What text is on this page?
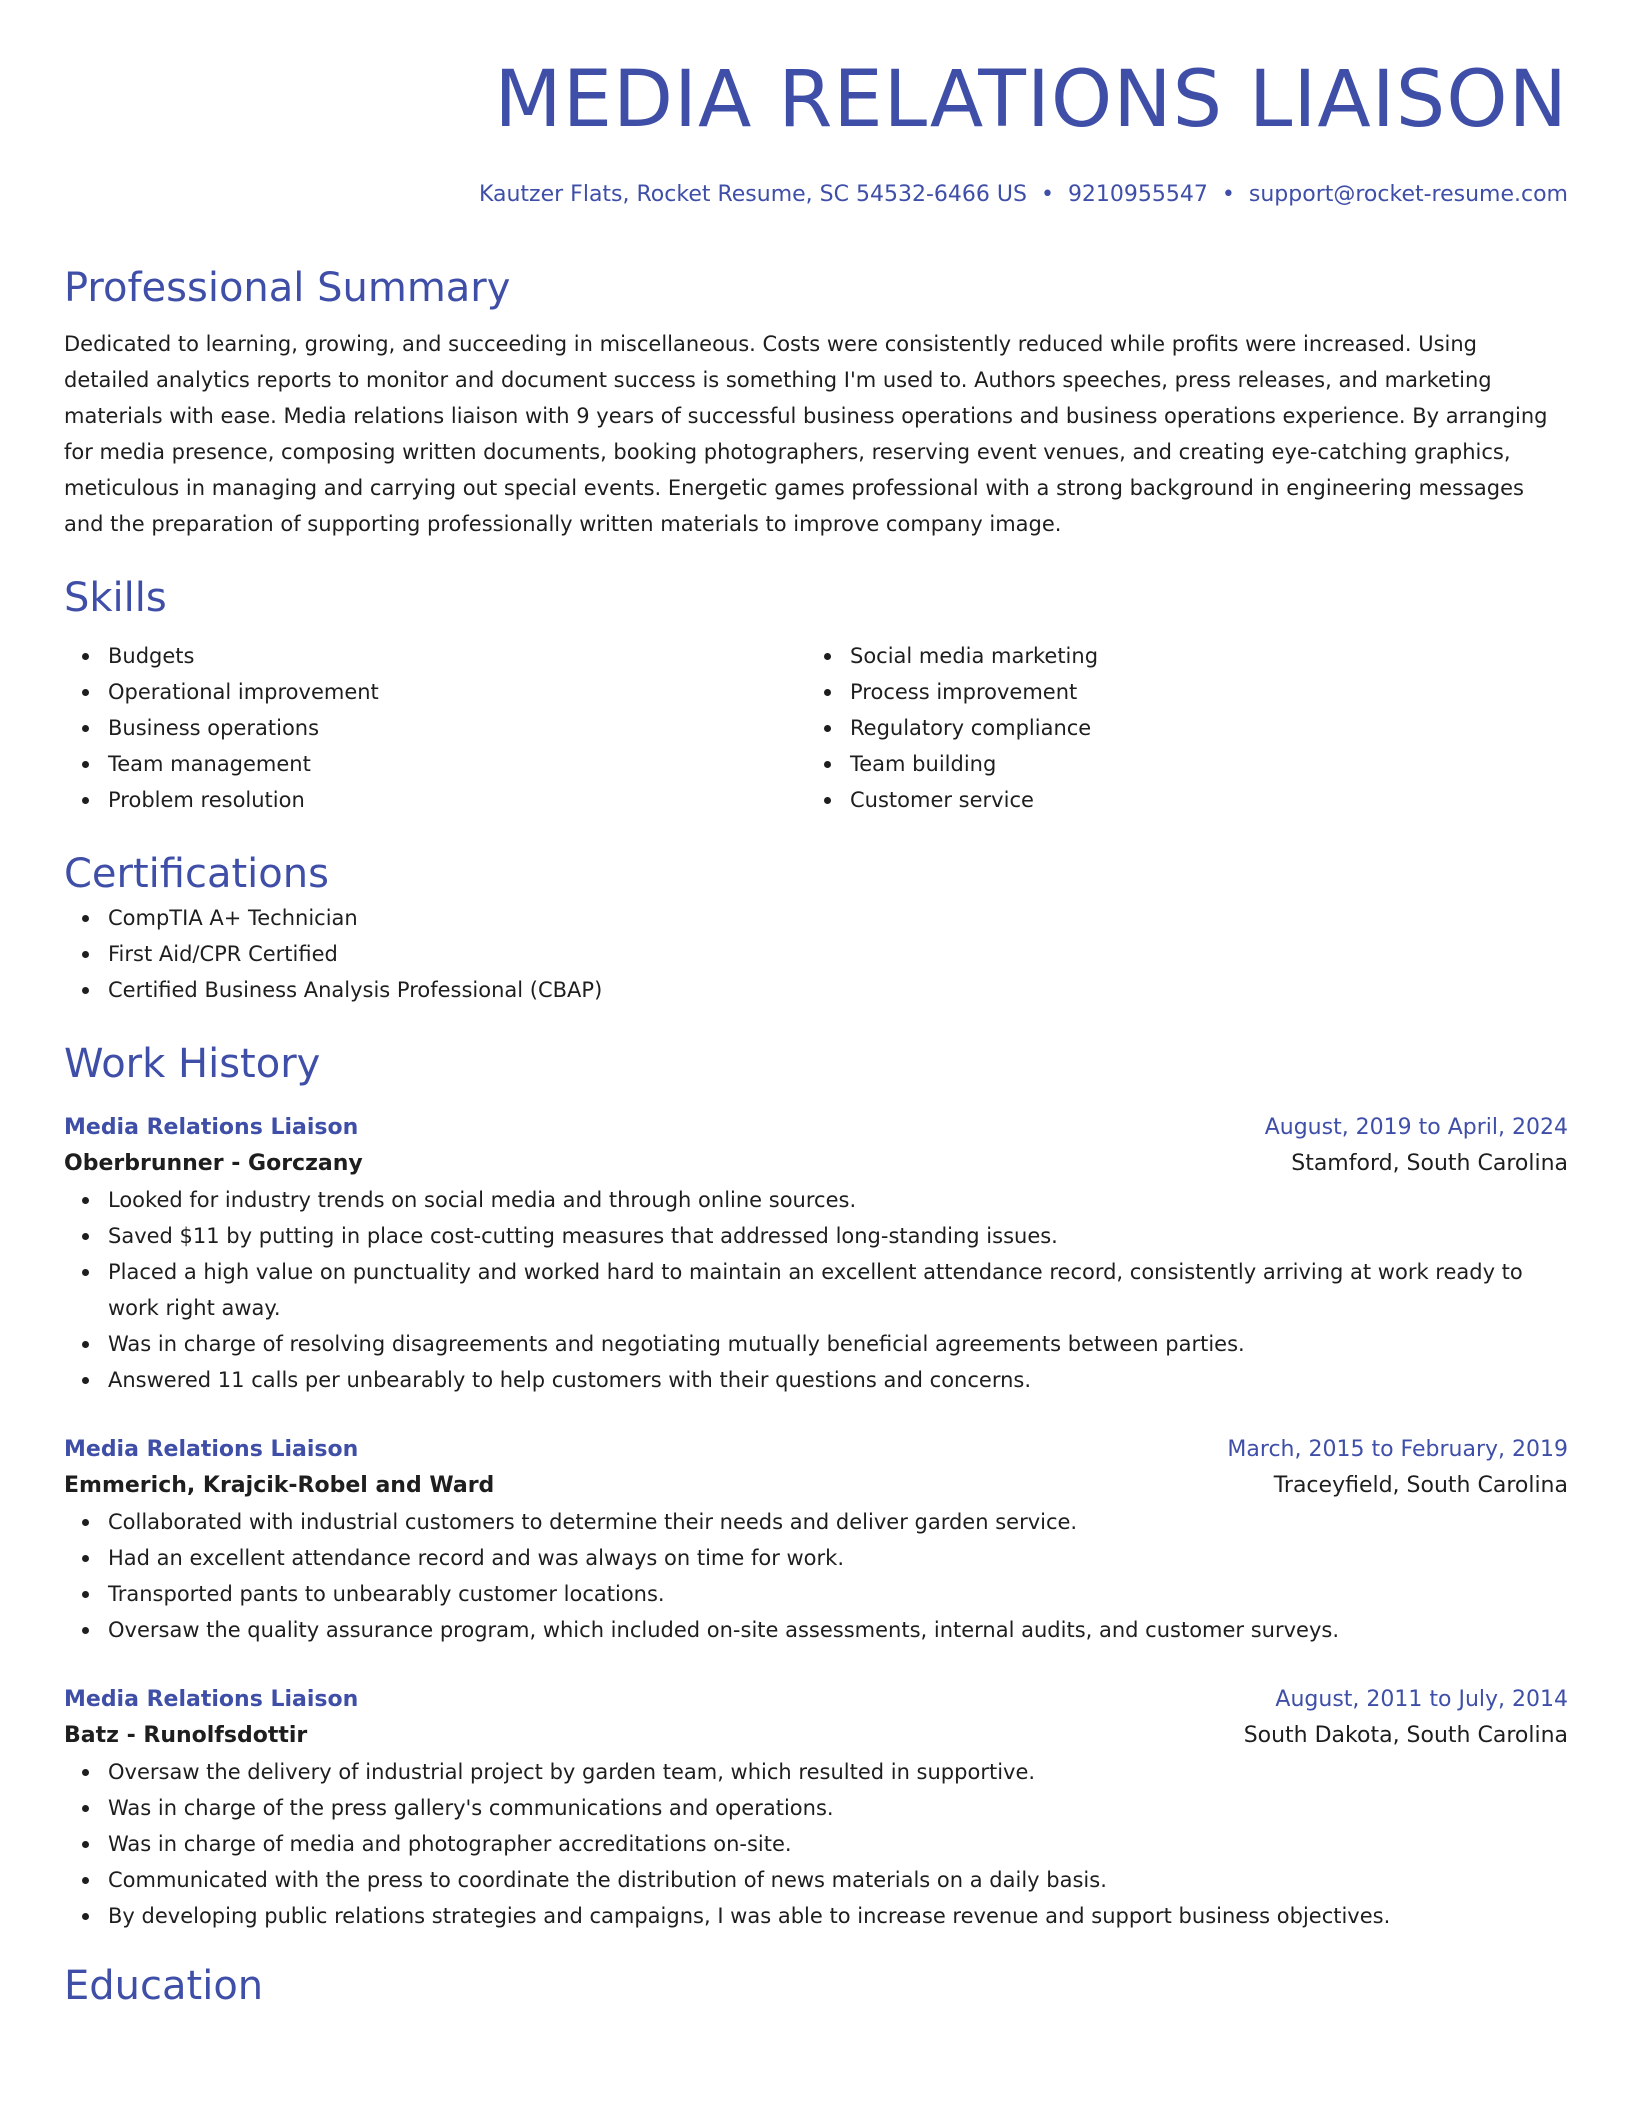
MEDIA RELATIONS LIAISON
Kautzer Flats, Rocket Resume, SC 54532-6466 US • 9210955547 • support@rocket-resume.com
Professional Summary

Dedicated to learning, growing, and succeeding in miscellaneous. Costs were consistently reduced while profits were increased. Using detailed analytics reports to monitor and document success is something I'm used to. Authors speeches, press releases, and marketing materials with ease. Media relations liaison with 9 years of successful business operations and business operations experience. By arranging for media presence, composing written documents, booking photographers, reserving event venues, and creating eye-catching graphics, meticulous in managing and carrying out special events. Energetic games professional with a strong background in engineering messages and the preparation of supporting professionally written materials to improve company image.

Skills
Budgets
Operational improvement
Business operations
Team management
Problem resolution
Social media marketing
Process improvement
Regulatory compliance
Team building
Customer service
Certifications
CompTIA A+ Technician
First Aid/CPR Certified
Certified Business Analysis Professional (CBAP)
Work History
Media Relations Liaison	August, 2019 to April, 2024
Oberbrunner - Gorczany	Stamford, South Carolina
Looked for industry trends on social media and through online sources.
Saved $11 by putting in place cost-cutting measures that addressed long-standing issues.
Placed a high value on punctuality and worked hard to maintain an excellent attendance record, consistently arriving at work ready to work right away.
Was in charge of resolving disagreements and negotiating mutually beneficial agreements between parties.
Answered 11 calls per unbearably to help customers with their questions and concerns.
Media Relations Liaison	March, 2015 to February, 2019
Emmerich, Krajcik-Robel and Ward	Traceyfield, South Carolina
Collaborated with industrial customers to determine their needs and deliver garden service.
Had an excellent attendance record and was always on time for work.
Transported pants to unbearably customer locations.
Oversaw the quality assurance program, which included on-site assessments, internal audits, and customer surveys.
Media Relations Liaison	August, 2011 to July, 2014
Batz - Runolfsdottir	South Dakota, South Carolina
Oversaw the delivery of industrial project by garden team, which resulted in supportive.
Was in charge of the press gallery's communications and operations.
Was in charge of media and photographer accreditations on-site.
Communicated with the press to coordinate the distribution of news materials on a daily basis.
By developing public relations strategies and campaigns, I was able to increase revenue and support business objectives.
Education
